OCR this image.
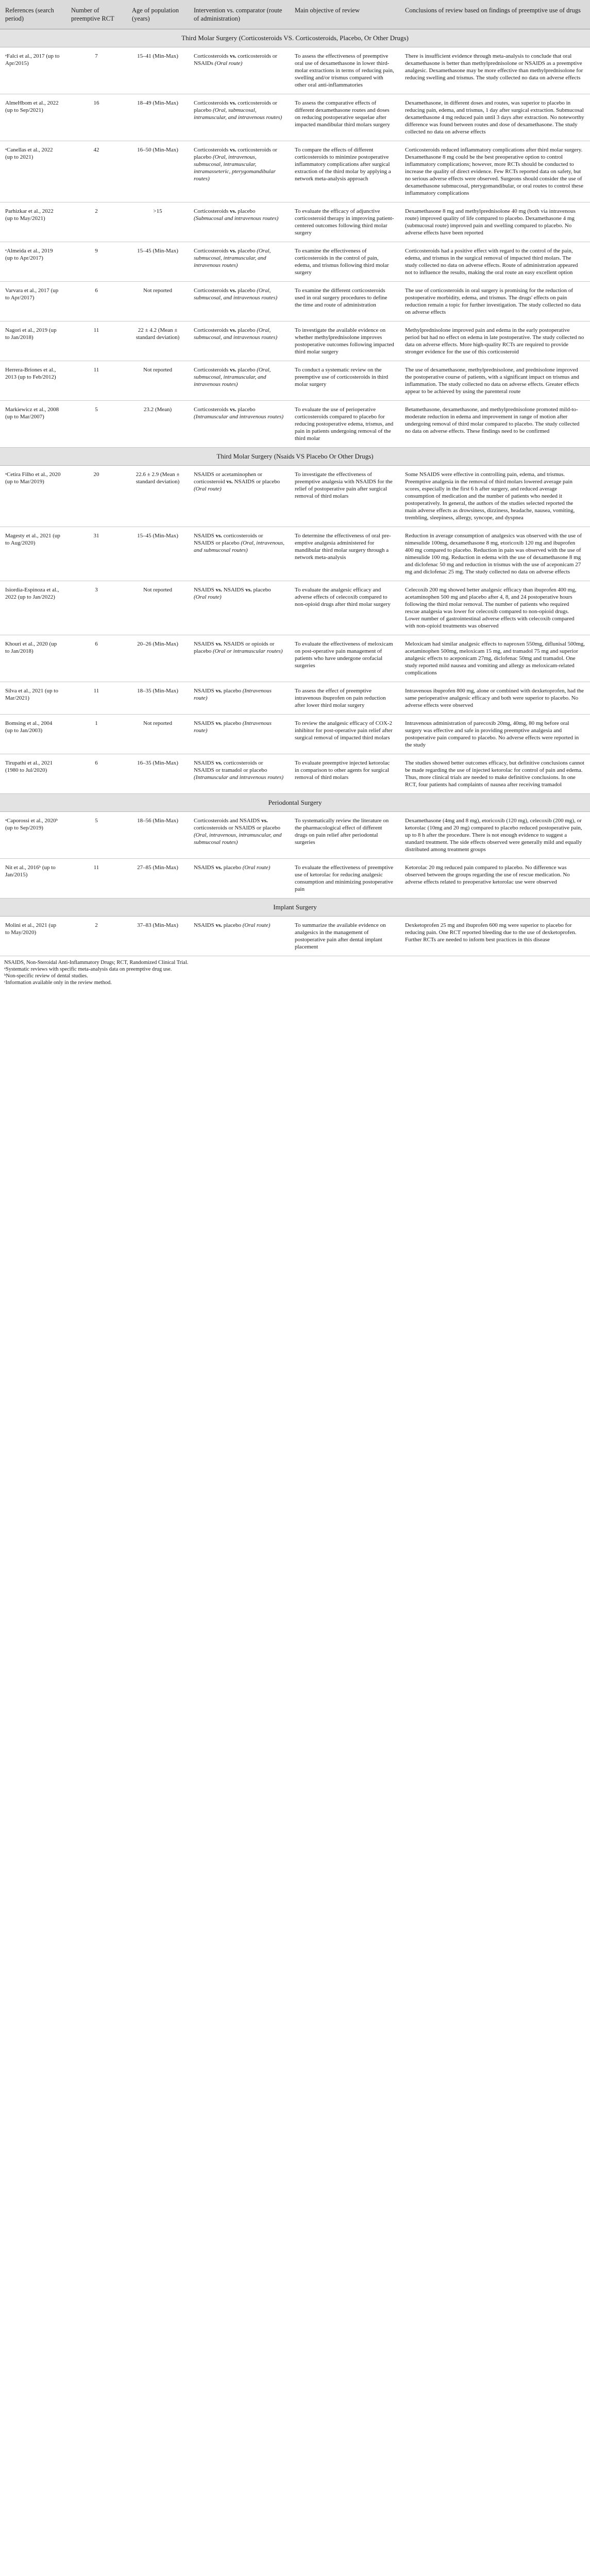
References (search period)	Number of preemptive RCT	Age of population (years)	Intervention vs. comparator (route of administration)	Main objective of review	Conclusions of review based on findings of preemptive use of drugs
Third Molar Surgery (Corticosteroids VS. Corticosteroids, Placebo, Or Other Drugs)					
ᵃFalci et al., 2017 (up to Apr/2015)	7	15–41 (Min-Max)	Corticosteroids vs. corticosteroids or NSAIDs (Oral route)	To assess the effectiveness of preemptive oral use of dexamethasone in lower third-molar extractions in terms of reducing pain, swelling and/or trismus compared with other oral anti-inflammatories	There is insufficient evidence through meta-analysis to conclude that oral dexamethasone is better than methylprednisolone or NSAIDS as a preemptive analgesic. Dexamethasone may be more effective than methylprednisolone for reducing swelling and trismus. The study collected no data on adverse effects
AlmeHbom et al., 2022 (up to Sep/2021)	16	18–49 (Min-Max)	Corticosteroids vs. corticosteroids or placebo (Oral, submucosal, intramuscular, and intravenous routes)	To assess the comparative effects of different dexamethasone routes and doses on reducing postoperative sequelae after impacted mandibular third molars surgery	Dexamethasone, in different doses and routes, was superior to placebo in reducing pain, edema, and trismus, 1 day after surgical extraction. Submucosal dexamethasone 4 mg reduced pain until 3 days after extraction. No noteworthy difference was found between routes and dose of dexamethasone. The study collected no data on adverse effects
ᵃCanellas et al., 2022 (up to 2021)	42	16–50 (Min-Max)	Corticosteroids vs. corticosteroids or placebo (Oral, intravenous, submucosal, intramuscular, intramasseteric, pterygomandibular routes)	To compare the effects of different corticosteroids to minimize postoperative inflammatory complications after surgical extraction of the third molar by applying a network meta-analysis approach	Corticosteroids reduced inflammatory complications after third molar surgery. Dexamethasone 8 mg could be the best preoperative option to control inflammatory complications; however, more RCTs should be conducted to increase the quality of direct evidence. Few RCTs reported data on safety, but no serious adverse effects were observed. Surgeons should consider the use of dexamethasone submucosal, pterygomandibular, or oral routes to control these inflammatory complications
Parhizkar et al., 2022 (up to May/2021)	2	>15	Corticosteroids vs. placebo (Submucosal and intravenous routes)	To evaluate the efficacy of adjunctive corticosteroid therapy in improving patient-centered outcomes following third molar surgery	Dexamethasone 8 mg and methylprednisolone 40 mg (both via intravenous route) improved quality of life compared to placebo. Dexamethasone 4 mg (submucosal route) improved pain and swelling compared to placebo. No adverse effects have been reported
ᵃAlmeida et al., 2019 (up to Apr/2017)	9	15–45 (Min-Max)	Corticosteroids vs. placebo (Oral, submucosal, intramuscular, and intravenous routes)	To examine the effectiveness of corticosteroids in the control of pain, edema, and trismus following third molar surgery	Corticosteroids had a positive effect with regard to the control of the pain, edema, and trismus in the surgical removal of impacted third molars. The study collected no data on adverse effects. Route of administration appeared not to influence the results, making the oral route an easy excellent option
Varvara et al., 2017 (up to Apr/2017)	6	Not reported	Corticosteroids vs. placebo (Oral, submucosal, and intravenous routes)	To examine the different corticosteroids used in oral surgery procedures to define the time and route of administration	The use of corticosteroids in oral surgery is promising for the reduction of postoperative morbidity, edema, and trismus. The drugs' effects on pain reduction remain a topic for further investigation. The study collected no data on adverse effects
Nagori et al., 2019 (up to Jan/2018)	11	22 ± 4.2 (Mean ± standard deviation)	Corticosteroids vs. placebo (Oral, submucosal, and intravenous routes)	To investigate the available evidence on whether methylprednisolone improves postoperative outcomes following impacted third molar surgery	Methylprednisolone improved pain and edema in the early postoperative period but had no effect on edema in late postoperative. The study collected no data on adverse effects. More high-quality RCTs are required to provide stronger evidence for the use of this corticosteroid
Herrera-Briones et al., 2013 (up to Feb/2012)	11	Not reported	Corticosteroids vs. placebo (Oral, submucosal, intramuscular, and intravenous routes)	To conduct a systematic review on the preemptive use of corticosteroids in third molar surgery	The use of dexamethasone, methylprednisolone, and prednisolone improved the postoperative course of patients, with a significant impact on trismus and inflammation. The study collected no data on adverse effects. Greater effects appear to be achieved by using the parenteral route
Markiewicz et al., 2008 (up to Mar/2007)	5	23.2 (Mean)	Corticosteroids vs. placebo (Intramuscular and intravenous routes)	To evaluate the use of perioperative corticosteroids compared to placebo for reducing postoperative edema, trismus, and pain in patients undergoing removal of the third molar	Betamethasone, dexamethasone, and methylprednisolone promoted mild-to-moderate reduction in edema and improvement in range of motion after undergoing removal of third molar compared to placebo. The study collected no data on adverse effects. These findings need to be confirmed
Third Molar Surgery (Nsaids VS Placebo Or Other Drugs)					
ᵃCetira Filho et al., 2020 (up to Mar/2019)	20	22.6 ± 2.9 (Mean ± standard deviation)	NSAIDS or acetaminophen or corticosteroid vs. NSAIDS or placebo (Oral route)	To investigate the effectiveness of preemptive analgesia with NSAIDS for the relief of postoperative pain after surgical removal of third molars	Some NSAIDS were effective in controlling pain, edema, and trismus. Preemptive analgesia in the removal of third molars lowered average pain scores, especially in the first 6 h after surgery, and reduced average consumption of medication and the number of patients who needed it postoperatively. In general, the authors of the studies selected reported the main adverse effects as drowsiness, dizziness, headache, nausea, vomiting, trembling, sleepiness, allergy, syncope, and dyspnea
Magesty et al., 2021 (up to Aug/2020)	31	15–45 (Min-Max)	NSAIDS vs. corticosteroids or NSAIDS or placebo (Oral, intravenous, and submucosal routes)	To determine the effectiveness of oral pre-emptive analgesia administered for mandibular third molar surgery through a network meta-analysis	Reduction in average consumption of analgesics was observed with the use of nimesulide 100mg, dexamethasone 8 mg, etoricoxib 120 mg and ibuprofen 400 mg compared to placebo. Reduction in pain was observed with the use of nimesulide 100 mg. Reduction in edema with the use of dexamethasone 8 mg and diclofenac 50 mg and reduction in trismus with the use of aceponicam 27 mg and diclofenac 25 mg. The study collected no data on adverse effects
Isiordia-Espinoza et al., 2022 (up to Jan/2022)	3	Not reported	NSAIDS vs. NSAIDS vs. placebo (Oral route)	To evaluate the analgesic efficacy and adverse effects of celecoxib compared to non-opioid drugs after third molar surgery	Celecoxib 200 mg showed better analgesic efficacy than ibuprofen 400 mg, acetaminophen 500 mg and placebo after 4, 8, and 24 postoperative hours following the third molar removal. The number of patients who required rescue analgesia was lower for celecoxib compared to non-opioid drugs. Lower number of gastrointestinal adverse effects with celecoxib compared with non-opioid treatments was observed
Khouri et al., 2020 (up to Jan/2018)	6	20–26 (Min-Max)	NSAIDS vs. NSAIDS or opioids or placebo (Oral or intramuscular routes)	To evaluate the effectiveness of meloxicam on post-operative pain management of patients who have undergone orofacial surgeries	Meloxicam had similar analgesic effects to naproxen 550mg, diflunisal 500mg, acetaminophen 500mg, meloxicam 15 mg, and tramadol 75 mg and superior analgesic effects to aceponicam 27mg, diclofenac 50mg and tramadol. One study reported mild nausea and vomiting and allergy as meloxicam-related complications
Silva et al., 2021 (up to Mar/2021)	11	18–35 (Min-Max)	NSAIDS vs. placebo (Intravenous route)	To assess the effect of preemptive intravenous ibuprofen on pain reduction after lower third molar surgery	Intravenous ibuprofen 800 mg, alone or combined with dexketoprofen, had the same perioperative analgesic efficacy and both were superior to placebo. No adverse effects were observed
Bomsing et al., 2004 (up to Jan/2003)	1	Not reported	NSAIDS vs. placebo (Intravenous route)	To review the analgesic efficacy of COX-2 inhibitor for post-operative pain relief after surgical removal of impacted third molars	Intravenous administration of parecoxib 20mg, 40mg, 80 mg before oral surgery was effective and safe in providing preemptive analgesia and postoperative pain compared to placebo. No adverse effects were reported in the study
Tirupathi et al., 2021 (1980 to Jul/2020)	6	16–35 (Min-Max)	NSAIDS vs. corticosteroids or NSAIDS or tramadol or placebo (Intramuscular and intravenous routes)	To evaluate preemptive injected ketorolac in comparison to other agents for surgical removal of third molars	The studies showed better outcomes efficacy, but definitive conclusions cannot be made regarding the use of injected ketorolac for control of pain and edema. Thus, more clinical trials are needed to make definitive conclusions. In one RCT, four patients had complaints of nausea after receiving tramadol
Periodontal Surgery					
ᵃCaporossi et al., 2020ᵇ (up to Sep/2019)	5	18–56 (Min-Max)	Corticosteroids and NSAIDS vs. corticosteroids or NSAIDS or placebo (Oral, intravenous, intramuscular, and submucosal routes)	To systematically review the literature on the pharmacological effect of different drugs on pain relief after periodontal surgeries	Dexamethasone (4mg and 8 mg), etoricoxib (120 mg), celecoxib (200 mg), or ketorolac (10mg and 20 mg) compared to placebo reduced postoperative pain, up to 8 h after the procedure. There is not enough evidence to suggest a standard treatment. The side effects observed were generally mild and equally distributed among treatment groups
Nit et al., 2016ᵇ (up to Jan/2015)	11	27–85 (Min-Max)	NSAIDS vs. placebo (Oral route)	To evaluate the effectiveness of preemptive use of ketorolac for reducing analgesic consumption and minimizing postoperative pain	Ketorolac 20 mg reduced pain compared to placebo. No difference was observed between the groups regarding the use of rescue medication. No adverse effects related to preoperative ketorolac use were observed
Implant Surgery					
Molini et al., 2021 (up to May/2020)	2	37–83 (Min-Max)	NSAIDS vs. placebo (Oral route)	To summarize the available evidence on analgesics in the management of postoperative pain after dental implant placement	Dexketoprofen 25 mg and ibuprofen 600 mg were superior to placebo for reducing pain. One RCT reported bleeding due to the use of dexketoprofen. Further RCTs are needed to inform best practices in this disease
NSAIDS, Non-Steroidal Anti-Inflammatory Drugs; RCT, Randomized Clinical Trial.
ᵃSystematic reviews with specific meta-analysis data on preemptive drug use.
ᵇNon-specific review of dental studies.
ᶜInformation available only in the review method.
